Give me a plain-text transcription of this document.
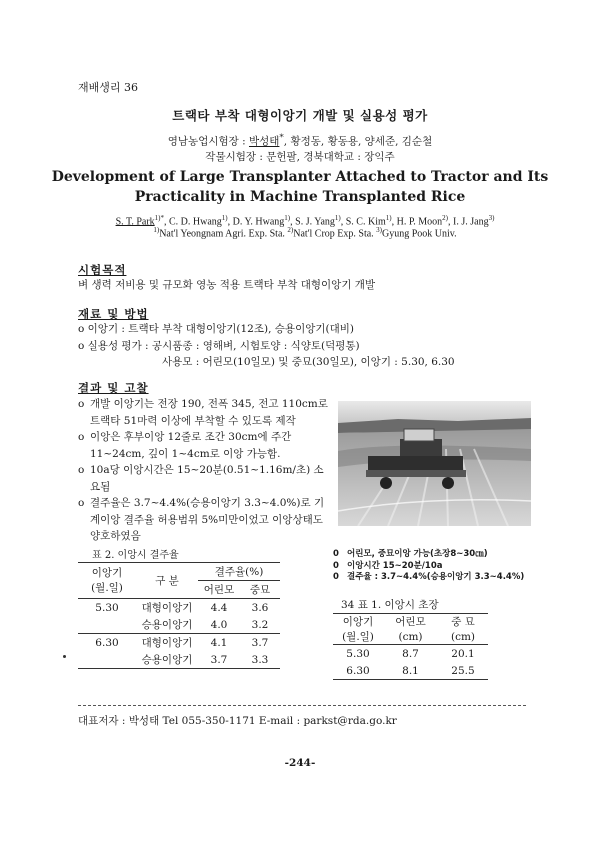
재배생리 36
트랙타 부착 대형이앙기 개발 및 실용성 평가
영남농업시험장 : 박성태*, 황정동, 황동용, 양세준, 김순철
작물시험장 : 문헌팔, 경북대학교 : 장익주
Development of Large Transplanter Attached to Tractor and Its
Practicality in Machine Transplanted Rice
S. T. Park$^{1)*}$, C. D. Hwang$^{1)}$, D. Y. Hwang$^{1)}$, S. J. Yang$^{1)}$, S. C. Kim$^{1)}$, H. P. Moon$^{2)}$, I. J. Jang$^{3)}$
$^{1)}$Nat'l Yeongnam Agri. Exp. Sta. $^{2)}$Nat'l Crop Exp. Sta. $^{3)}$Gyung Pook Univ.
시험목적
벼 생력 저비용 및 규모화 영농 적용 트랙타 부착 대형이앙기 개발
재료 및 방법
o 이앙기 : 트랙타 부착 대형이앙기(12조), 승용이앙기(대비)
o 실용성 평가 : 공시품종 : 영해벼, 시험토양 : 식양토(덕평통)
사용모 : 어린모(10일모) 및 중묘(30일모), 이앙기 : 5.30, 6.30
결과 및 고찰
o 개발 이앙기는 전장 190, 전폭 345, 전고 110cm로 트랙타 51마력 이상에 부착할 수 있도록 제작
o 이앙은 후부이앙 12줄로 조간 30cm에 주간 11~24cm, 깊이 1~4cm로 이앙 가능함.
o 10a당 이앙시간은 15~20분(0.51~1.16m/초) 소요됨
o 결주율은 3.7~4.4%(승용이앙기 3.3~4.0%)로 기계이앙 결주율 허용범위 5%미만이었고 이앙상태도 양호하였음
표 2. 이앙시 결주율
이앙기
(월.일)	구 분	결주율(%)	
		어린모	중묘
5.30	대형이앙기	4.4	3.6
	승용이앙기	4.0	3.2
6.30	대형이앙기	4.1	3.7
	승용이앙기	3.7	3.3
0 어린모, 중묘이앙 가능(초장8~30㎝)
0 이앙시간 15~20분/10a
0 결주율 : 3.7~4.4%(승용이앙기 3.3~4.4%)
34 표 1. 이앙시 초장
이앙기	어린모	중 묘
(월.일)	(cm)	(cm)
5.30	8.7	20.1
6.30	8.1	25.5
대표저자 : 박성태 Tel 055-350-1171 E-mail : parkst@rda.go.kr
-244-
